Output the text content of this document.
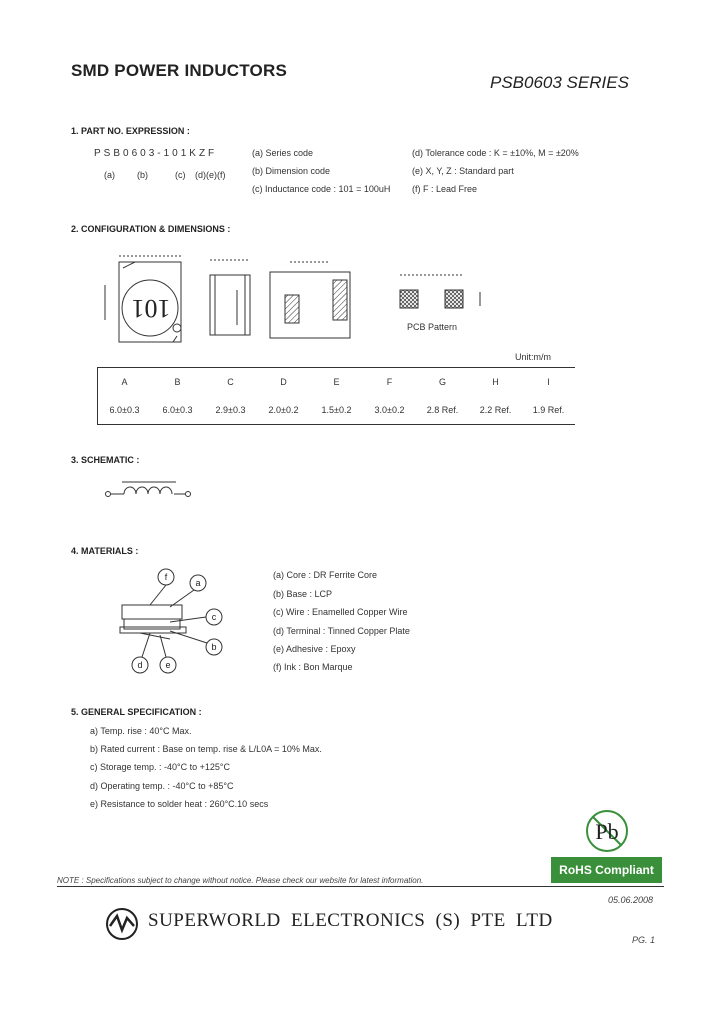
SMD POWER INDUCTORS
PSB0603 SERIES
1. PART NO. EXPRESSION :
PSB0603-101KZF
(a) (b)	(c) (d)(e)(f)
(a) Series code
(b) Dimension code
(c) Inductance code : 101 = 100uH
(d) Tolerance code : K = ±10%, M = ±20%
(e) X, Y, Z : Standard part
(f) F : Lead Free
2. CONFIGURATION & DIMENSIONS :
101
PCB Pattern
Unit:m/m
A	B	C	D	E	F	G	H	I
6.0±0.3	6.0±0.3	2.9±0.3	2.0±0.2	1.5±0.2	3.0±0.2	2.8 Ref.	2.2 Ref.	1.9 Ref.
3. SCHEMATIC :
4. MATERIALS :
f
a
c
b
d	e
(a) Core : DR Ferrite Core
(b) Base : LCP
(c) Wire : Enamelled Copper Wire
(d) Terminal : Tinned Copper Plate
(e) Adhesive : Epoxy
(f) Ink : Bon Marque
5. GENERAL SPECIFICATION :
a) Temp. rise : 40°C Max.
b) Rated current : Base on temp. rise & L/L0A = 10% Max.
c) Storage temp. : -40°C to +125°C
d) Operating temp. : -40°C to +85°C
e) Resistance to solder heat : 260°C.10 secs
Pb
RoHS Compliant
NOTE : Specifications subject to change without notice. Please check our website for latest information.
05.06.2008
SUPERWORLD ELECTRONICS (S) PTE LTD
PG. 1
